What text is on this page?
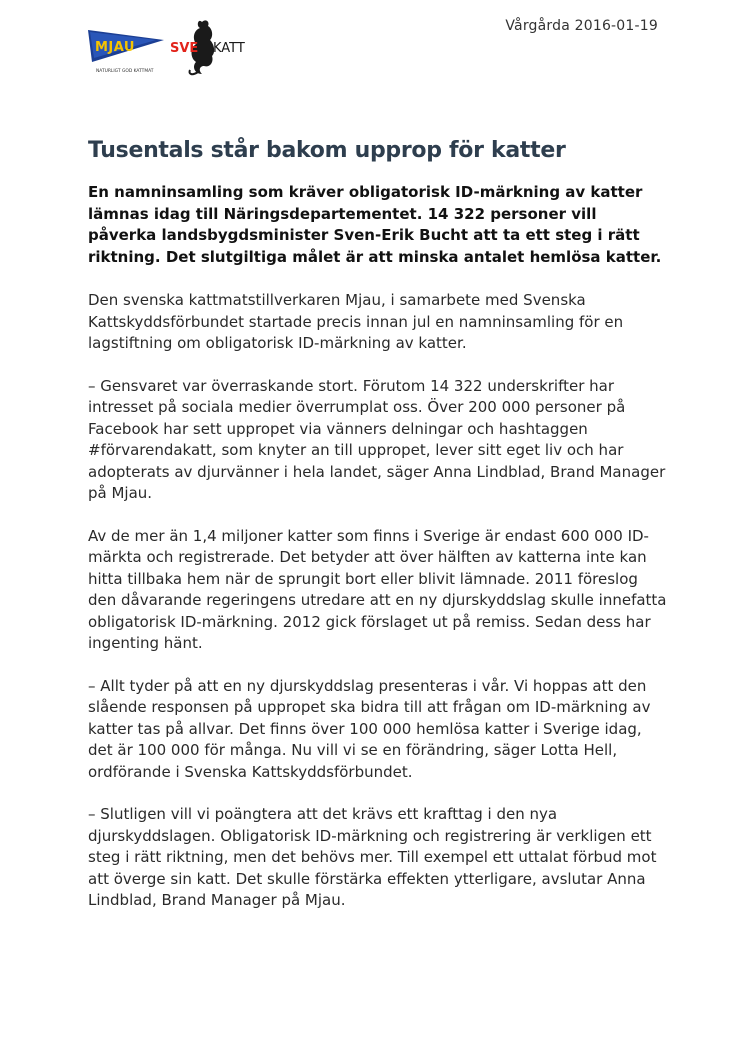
MJAU
NATURLIGT GOD KATTMAT
SVE KATT
Vårgårda 2016-01-19
Tusentals står bakom upprop för katter

En namninsamling som kräver obligatorisk ID-märkning av katter lämnas idag till Näringsdepartementet. 14 322 personer vill påverka landsbygdsminister Sven-Erik Bucht att ta ett steg i rätt riktning. Det slutgiltiga målet är att minska antalet hemlösa katter.

Den svenska kattmatstillverkaren Mjau, i samarbete med Svenska Kattskyddsförbundet startade precis innan jul en namninsamling för en lagstiftning om obligatorisk ID-märkning av katter.

– Gensvaret var överraskande stort. Förutom 14 322 underskrifter har intresset på sociala medier överrumplat oss. Över 200 000 personer på Facebook har sett uppropet via vänners delningar och hashtaggen #förvarendakatt, som knyter an till uppropet, lever sitt eget liv och har adopterats av djurvänner i hela landet, säger Anna Lindblad, Brand Manager på Mjau.

Av de mer än 1,4 miljoner katter som finns i Sverige är endast 600 000 ID-märkta och registrerade. Det betyder att över hälften av katterna inte kan hitta tillbaka hem när de sprungit bort eller blivit lämnade. 2011 föreslog den dåvarande regeringens utredare att en ny djurskyddslag skulle innefatta obligatorisk ID-märkning. 2012 gick förslaget ut på remiss. Sedan dess har ingenting hänt.

– Allt tyder på att en ny djurskyddslag presenteras i vår. Vi hoppas att den slående responsen på uppropet ska bidra till att frågan om ID-märkning av katter tas på allvar. Det finns över 100 000 hemlösa katter i Sverige idag, det är 100 000 för många. Nu vill vi se en förändring, säger Lotta Hell, ordförande i Svenska Kattskyddsförbundet.

– Slutligen vill vi poängtera att det krävs ett krafttag i den nya djurskyddslagen. Obligatorisk ID-märkning och registrering är verkligen ett steg i rätt riktning, men det behövs mer. Till exempel ett uttalat förbud mot att överge sin katt. Det skulle förstärka effekten ytterligare, avslutar Anna Lindblad, Brand Manager på Mjau.
